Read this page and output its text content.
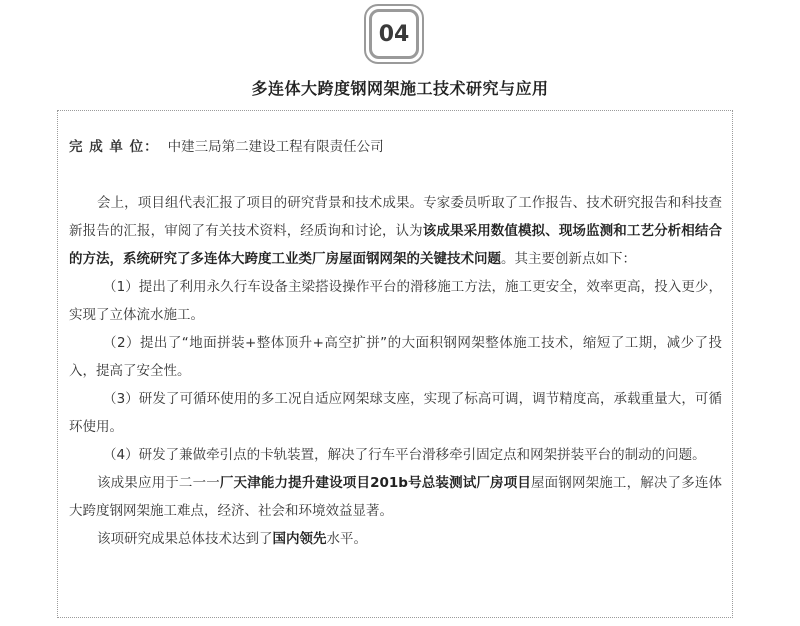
04
多连体大跨度钢网架施工技术研究与应用
完 成 单 位： 中建三局第二建设工程有限责任公司

会上，项目组代表汇报了项目的研究背景和技术成果。专家委员听取了工作报告、技术研究报告和科技查新报告的汇报，审阅了有关技术资料，经质询和讨论，认为该成果采用数值模拟、现场监测和工艺分析相结合的方法，系统研究了多连体大跨度工业类厂房屋面钢网架的关键技术问题。其主要创新点如下：

（1）提出了利用永久行车设备主梁搭设操作平台的滑移施工方法，施工更安全，效率更高，投入更少，实现了立体流水施工。

（2）提出了“地面拼装+整体顶升+高空扩拼”的大面积钢网架整体施工技术，缩短了工期，减少了投入，提高了安全性。

（3）研发了可循环使用的多工况自适应网架球支座，实现了标高可调，调节精度高，承载重量大，可循环使用。

（4）研发了兼做牵引点的卡轨装置，解决了行车平台滑移牵引固定点和网架拼装平台的制动的问题。

该成果应用于二一一厂天津能力提升建设项目201b号总装测试厂房项目屋面钢网架施工，解决了多连体大跨度钢网架施工难点，经济、社会和环境效益显著。

该项研究成果总体技术达到了国内领先水平。
